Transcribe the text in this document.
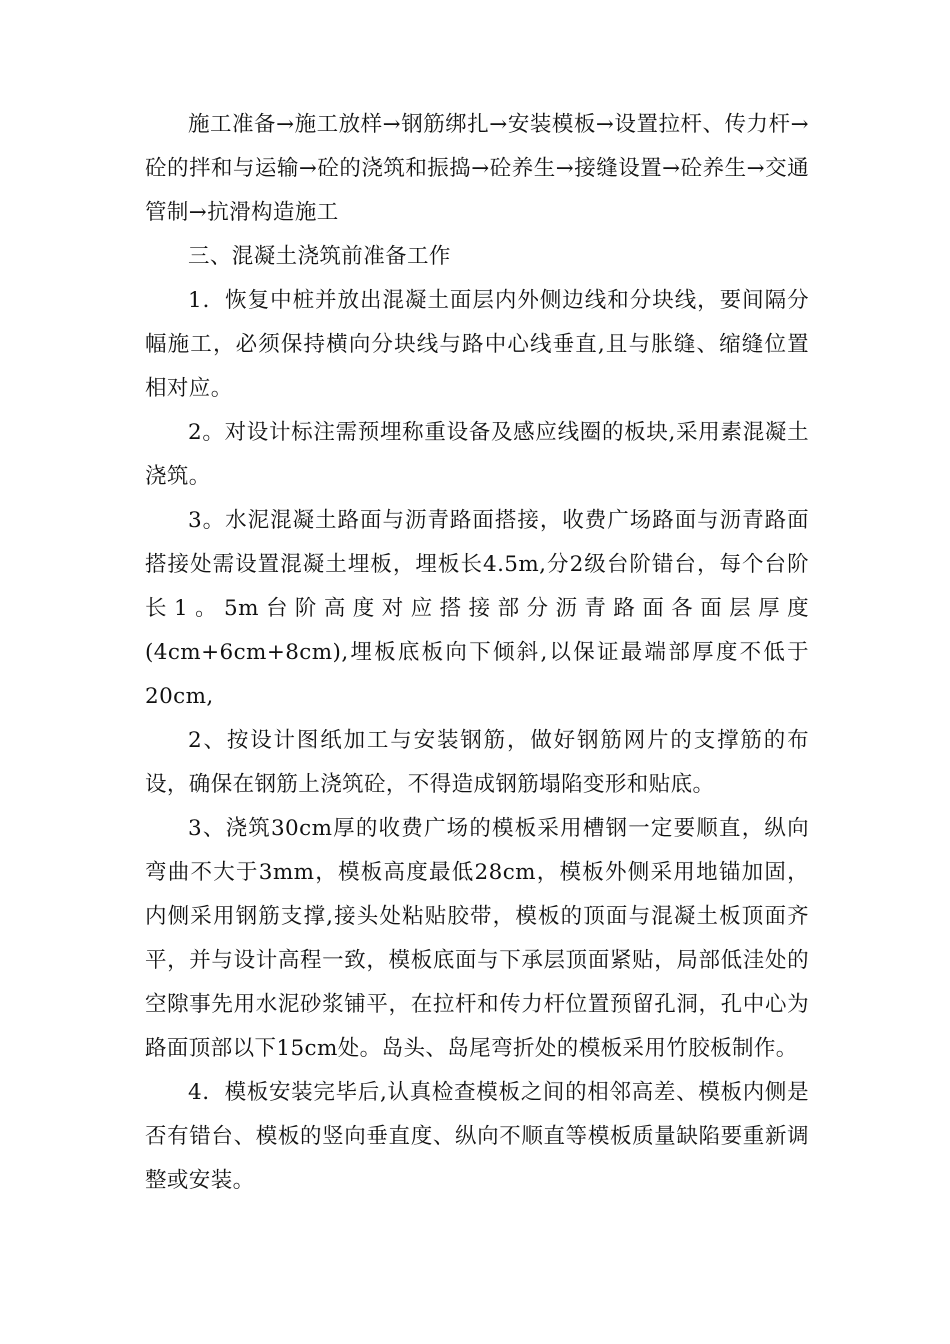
施工准备→施工放样→钢筋绑扎→安装模板→设置拉杆、传力杆→砼的拌和与运输→砼的浇筑和振捣→砼养生→接缝设置→砼养生→交通管制→抗滑构造施工

三、混凝土浇筑前准备工作

1．恢复中桩并放出混凝土面层内外侧边线和分块线，要间隔分幅施工，必须保持横向分块线与路中心线垂直,且与胀缝、缩缝位置相对应。

2。对设计标注需预埋称重设备及感应线圈的板块,采用素混凝土浇筑。

3。水泥混凝土路面与沥青路面搭接，收费广场路面与沥青路面搭接处需设置混凝土埋板，埋板长4.5m,分2级台阶错台，每个台阶长1。5m台阶高度对应搭接部分沥青路面各面层厚度(4cm+6cm+8cm),埋板底板向下倾斜,以保证最端部厚度不低于20cm,

2、按设计图纸加工与安装钢筋，做好钢筋网片的支撑筋的布设，确保在钢筋上浇筑砼，不得造成钢筋塌陷变形和贴底。

3、浇筑30cm厚的收费广场的模板采用槽钢一定要顺直，纵向弯曲不大于3mm，模板高度最低28cm，模板外侧采用地锚加固，内侧采用钢筋支撑,接头处粘贴胶带，模板的顶面与混凝土板顶面齐平，并与设计高程一致，模板底面与下承层顶面紧贴，局部低洼处的空隙事先用水泥砂浆铺平，在拉杆和传力杆位置预留孔洞，孔中心为路面顶部以下15cm处。岛头、岛尾弯折处的模板采用竹胶板制作。

4．模板安装完毕后,认真检查模板之间的相邻高差、模板内侧是否有错台、模板的竖向垂直度、纵向不顺直等模板质量缺陷要重新调整或安装。
